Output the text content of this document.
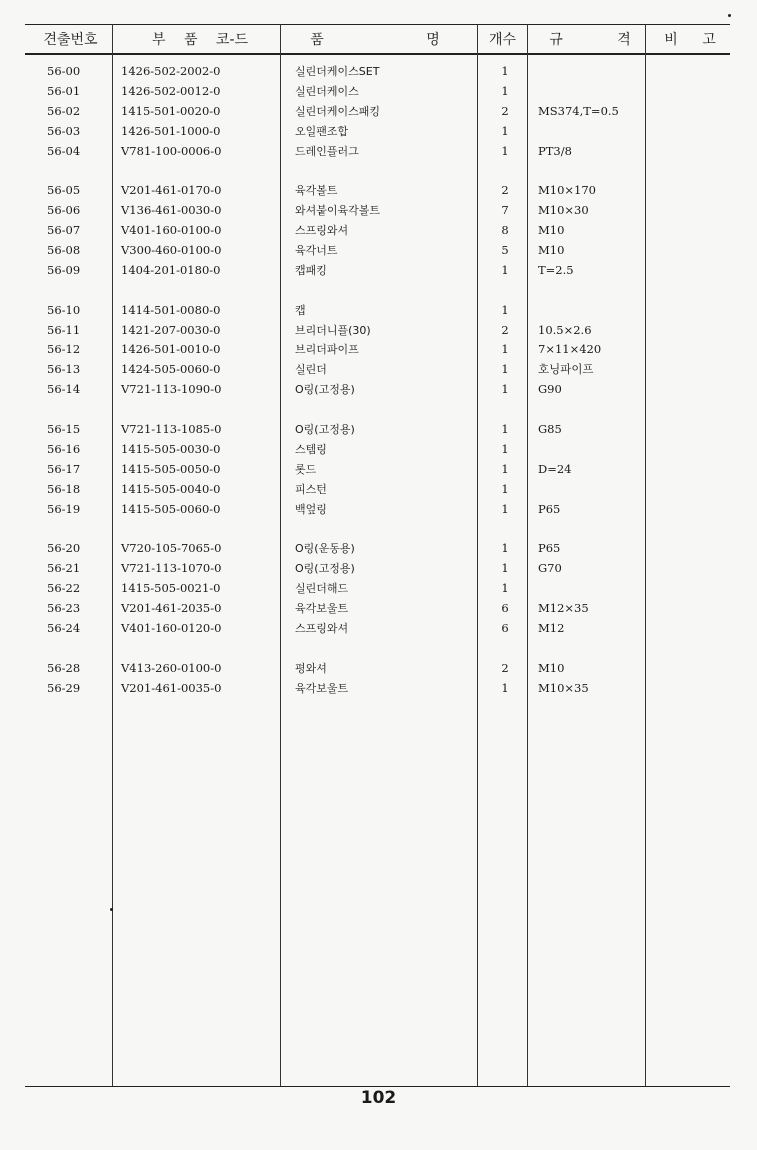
견출번호	부 품 코-드	품 명	개수	규 격	비 고
56-00	1426-502-2002-0	실린더케이스SET	1
56-01	1426-502-0012-0	실린더케이스	1
56-02	1415-501-0020-0	실린더케이스패킹	2	MS374,T=0.5
56-03	1426-501-1000-0	오일팬조합	1
56-04	V781-100-0006-0	드레인플러그	1	PT3/8
56-05	V201-461-0170-0	육각볼트	2	M10×170
56-06	V136-461-0030-0	와셔붙이육각볼트	7	M10×30
56-07	V401-160-0100-0	스프링와셔	8	M10
56-08	V300-460-0100-0	육각너트	5	M10
56-09	1404-201-0180-0	캡패킹	1	T=2.5
56-10	1414-501-0080-0	캡	1
56-11	1421-207-0030-0	브리더니플(30)	2	10.5×2.6
56-12	1426-501-0010-0	브리더파이프	1	7×11×420
56-13	1424-505-0060-0	실린더	1	호닝파이프
56-14	V721-113-1090-0	O링(고정용)	1	G90
56-15	V721-113-1085-0	O링(고정용)	1	G85
56-16	1415-505-0030-0	스템링	1
56-17	1415-505-0050-0	롯드	1	D=24
56-18	1415-505-0040-0	피스턴	1
56-19	1415-505-0060-0	백엎링	1	P65
56-20	V720-105-7065-0	O링(운동용)	1	P65
56-21	V721-113-1070-0	O링(고정용)	1	G70
56-22	1415-505-0021-0	실린더해드	1
56-23	V201-461-2035-0	육각보울트	6	M12×35
56-24	V401-160-0120-0	스프링와셔	6	M12
56-28	V413-260-0100-0	평와셔	2	M10
56-29	V201-461-0035-0	육각보울트	1	M10×35
102
